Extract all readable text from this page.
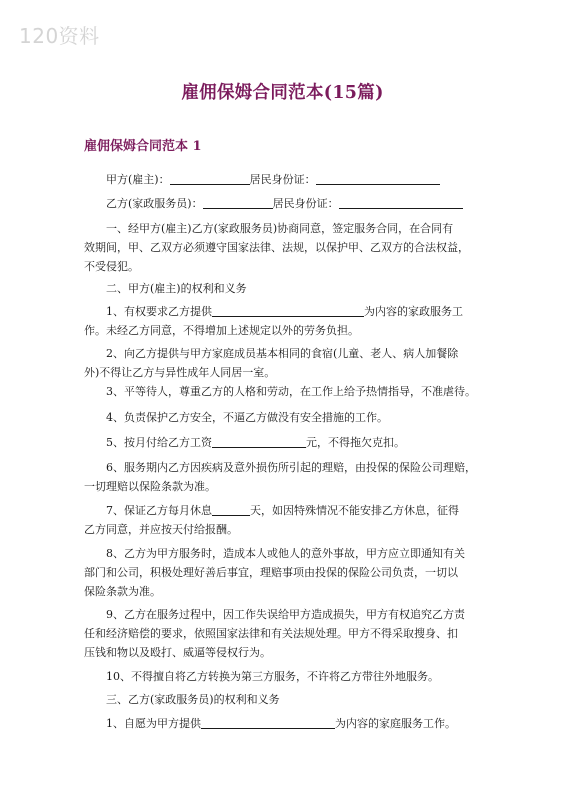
120资料
雇佣保姆合同范本(15篇)
雇佣保姆合同范本 1
甲方(雇主)：	居民身份证：
乙方(家政服务员)：	居民身份证：
一、经甲方(雇主)乙方(家政服务员)协商同意，签定服务合同，在合同有
效期间，甲、乙双方必须遵守国家法律、法规，以保护甲、乙双方的合法权益，
不受侵犯。
二、甲方(雇主)的权利和义务
1、有权要求乙方提供	为内容的家政服务工
作。未经乙方同意，不得增加上述规定以外的劳务负担。
2、向乙方提供与甲方家庭成员基本相同的食宿(儿童、老人、病人加餐除
外)不得让乙方与异性成年人同居一室。
3、平等待人，尊重乙方的人格和劳动，在工作上给予热情指导，不准虐待。
4、负责保护乙方安全，不逼乙方做没有安全措施的工作。
5、按月付给乙方工资	元，不得拖欠克扣。
6、服务期内乙方因疾病及意外损伤所引起的理赔，由投保的保险公司理赔，
一切理赔以保险条款为准。
7、保证乙方每月休息	天，如因特殊情况不能安排乙方休息，征得
乙方同意，并应按天付给报酬。
8、乙方为甲方服务时，造成本人或他人的意外事故，甲方应立即通知有关
部门和公司，积极处理好善后事宜，理赔事项由投保的保险公司负责，一切以
保险条款为准。
9、乙方在服务过程中，因工作失误给甲方造成损失，甲方有权追究乙方责
任和经济赔偿的要求，依照国家法律和有关法规处理。甲方不得采取搜身、扣
压钱和物以及殴打、威逼等侵权行为。
10、不得擅自将乙方转换为第三方服务，不许将乙方带往外地服务。
三、乙方(家政服务员)的权利和义务
1、自愿为甲方提供	为内容的家庭服务工作。
